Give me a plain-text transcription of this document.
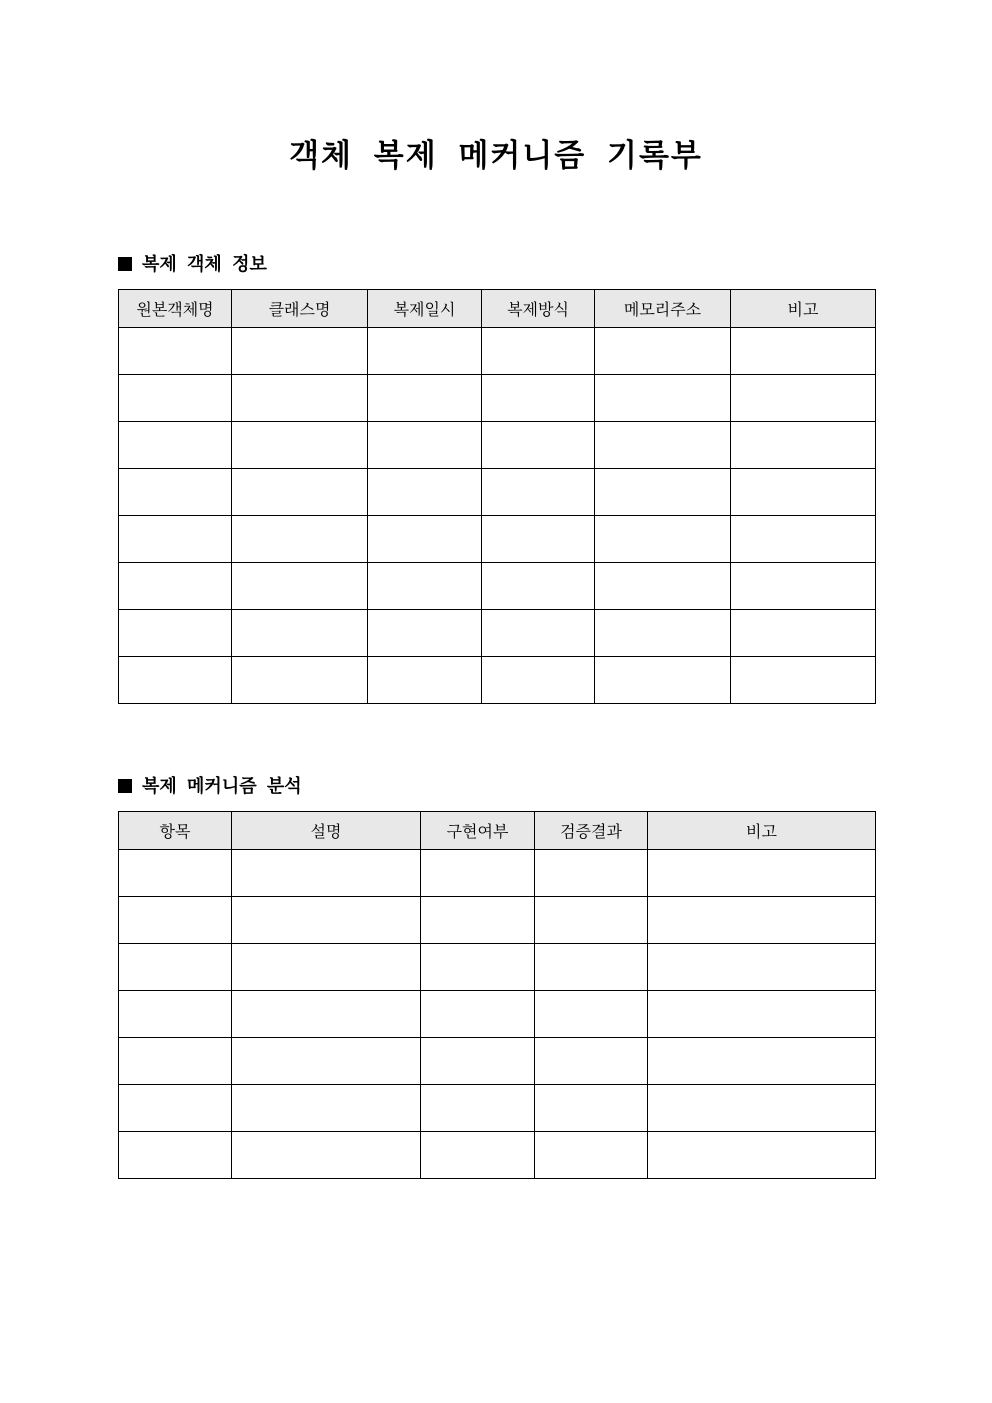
객체 복제 메커니즘 기록부
복제 객체 정보
원본객체명	클래스명	복제일시	복제방식	메모리주소	비고

복제 메커니즘 분석
항목	설명	구현여부	검증결과	비고
